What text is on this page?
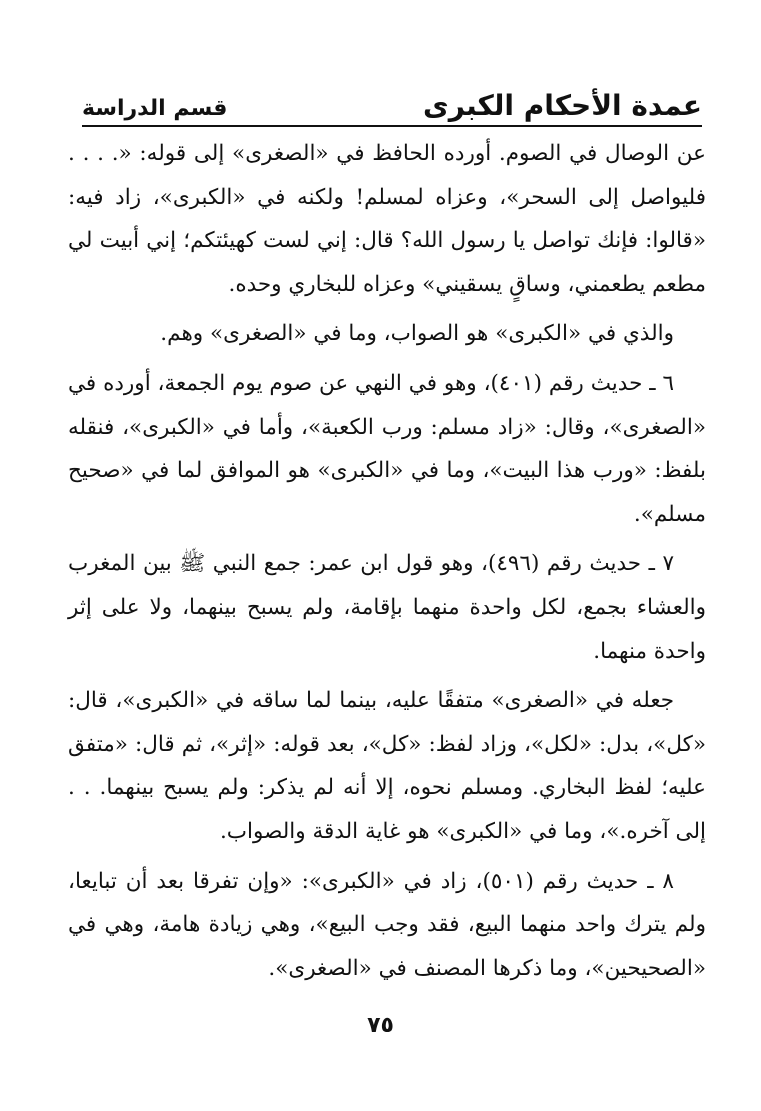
عمدة الأحكام الكبرى
قسم الدراسة

عن الوصال في الصوم. أورده الحافظ في «الصغرى» إلى قوله: «. . . . فليواصل إلى السحر»، وعزاه لمسلم! ولكنه في «الكبرى»، زاد فيه: «قالوا: فإنك تواصل يا رسول الله؟ قال: إني لست كهيئتكم؛ إني أبيت لي مطعم يطعمني، وساقٍ يسقيني» وعزاه للبخاري وحده.

والذي في «الكبرى» هو الصواب، وما في «الصغرى» وهم.

٦ ـ حديث رقم (٤٠١)، وهو في النهي عن صوم يوم الجمعة، أورده في «الصغرى»، وقال: «زاد مسلم: ورب الكعبة»، وأما في «الكبرى»، فنقله بلفظ: «ورب هذا البيت»، وما في «الكبرى» هو الموافق لما في «صحيح مسلم».

٧ ـ حديث رقم (٤٩٦)، وهو قول ابن عمر: جمع النبي ﷺ بين المغرب والعشاء بجمع، لكل واحدة منهما بإقامة، ولم يسبح بينهما، ولا على إثر واحدة منهما.

جعله في «الصغرى» متفقًا عليه، بينما لما ساقه في «الكبرى»، قال: «كل»، بدل: «لكل»، وزاد لفظ: «كل»، بعد قوله: «إثر»، ثم قال: «متفق عليه؛ لفظ البخاري. ومسلم نحوه، إلا أنه لم يذكر: ولم يسبح بينهما. . . إلى آخره.»، وما في «الكبرى» هو غاية الدقة والصواب.

٨ ـ حديث رقم (٥٠١)، زاد في «الكبرى»: «وإن تفرقا بعد أن تبايعا، ولم يترك واحد منهما البيع، فقد وجب البيع»، وهي زيادة هامة، وهي في «الصحيحين»، وما ذكرها المصنف في «الصغرى».

٧٥
